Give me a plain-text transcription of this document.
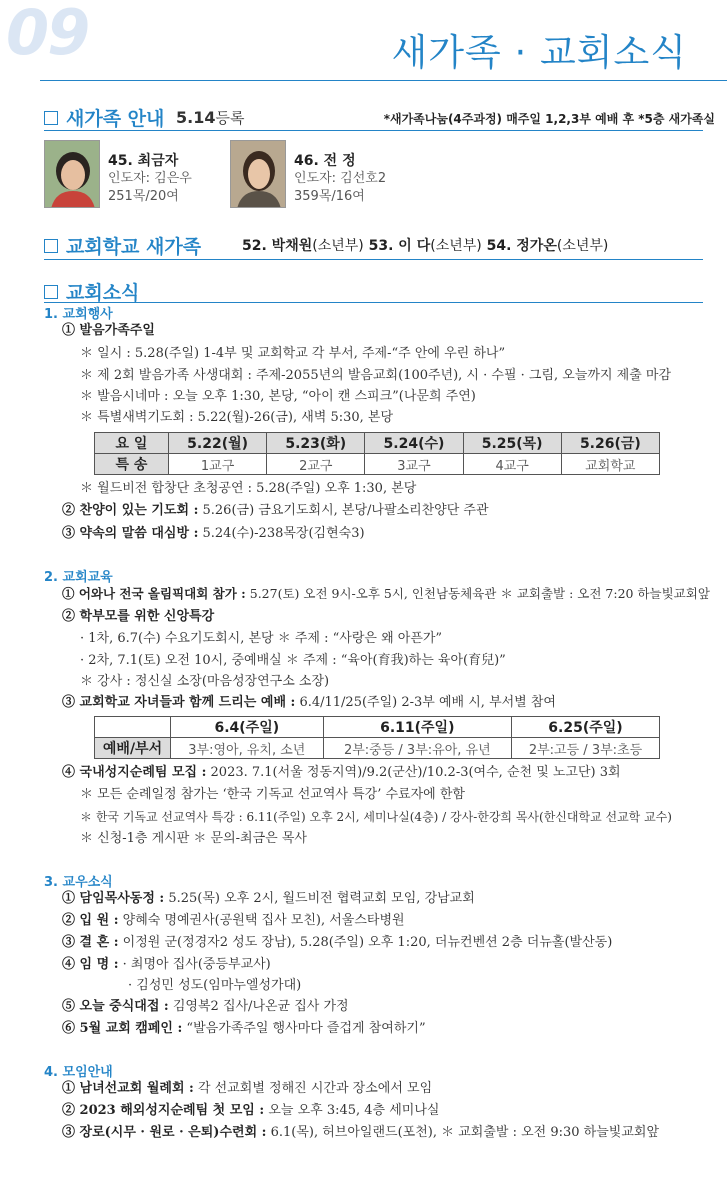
09	새가족 · 교회소식
새가족 안내 5.14등록	*새가족나눔(4주과정) 매주일 1,2,3부 예배 후 *5층 새가족실
45. 최금자
인도자: 김은우
251목/20여
46. 전 정
인도자: 김선호2
359목/16여
교회학교 새가족	52. 박채원(소년부) 53. 이 다(소년부) 54. 정가온(소년부)
교회소식
1. 교회행사
① 발음가족주일
＊ 일시 : 5.28(주일) 1-4부 및 교회학교 각 부서, 주제-“주 안에 우린 하나”
＊ 제 2회 발음가족 사생대회 : 주제-2055년의 발음교회(100주년), 시 · 수필 · 그림, 오늘까지 제출 마감
＊ 발음시네마 : 오늘 오후 1:30, 본당, “아이 캔 스피크”(나문희 주연)
＊ 특별새벽기도회 : 5.22(월)-26(금), 새벽 5:30, 본당
요 일	5.22(월)	5.23(화)	5.24(수)	5.25(목)	5.26(금)
특 송	1교구	2교구	3교구	4교구	교회학교
＊ 월드비전 합창단 초청공연 : 5.28(주일) 오후 1:30, 본당
② 찬양이 있는 기도회 : 5.26(금) 금요기도회시, 본당/나팔소리찬양단 주관
③ 약속의 말씀 대심방 : 5.24(수)-238목장(김현숙3)
2. 교회교육
① 어와나 전국 올림픽대회 참가 : 5.27(토) 오전 9시-오후 5시, 인천남동체육관 ＊ 교회출발 : 오전 7:20 하늘빛교회앞
② 학부모를 위한 신앙특강
· 1차, 6.7(수) 수요기도회시, 본당 ＊ 주제 : “사랑은 왜 아픈가”
· 2차, 7.1(토) 오전 10시, 중예배실 ＊ 주제 : “육아(育我)하는 육아(育兒)”
＊ 강사 : 정신실 소장(마음성장연구소 소장)
③ 교회학교 자녀들과 함께 드리는 예배 : 6.4/11/25(주일) 2-3부 예배 시, 부서별 참여
	6.4(주일)	6.11(주일)	6.25(주일)
예배/부서	3부:영아, 유치, 소년	2부:중등 / 3부:유아, 유년	2부:고등 / 3부:초등
④ 국내성지순례팀 모집 : 2023. 7.1(서울 정동지역)/9.2(군산)/10.2-3(여수, 순천 및 노고단) 3회
＊ 모든 순례일정 참가는 ‘한국 기독교 선교역사 특강’ 수료자에 한함
＊ 한국 기독교 선교역사 특강 : 6.11(주일) 오후 2시, 세미나실(4층) / 강사-한강희 목사(한신대학교 선교학 교수)
＊ 신청-1층 게시판 ＊ 문의-최금은 목사
3. 교우소식
① 담임목사동정 : 5.25(목) 오후 2시, 월드비전 협력교회 모임, 강남교회
② 입 원 : 양혜숙 명예권사(공원택 집사 모친), 서울스타병원
③ 결 혼 : 이정원 군(정경자2 성도 장남), 5.28(주일) 오후 1:20, 더뉴컨벤션 2층 더뉴홀(발산동)
④ 임 명 : · 최명아 집사(중등부교사)
· 김성민 성도(임마누엘성가대)
⑤ 오늘 중식대접 : 김영복2 집사/나온균 집사 가정
⑥ 5월 교회 캠페인 : “발음가족주일 행사마다 즐겁게 참여하기”
4. 모임안내
① 남녀선교회 월례회 : 각 선교회별 정해진 시간과 장소에서 모임
② 2023 해외성지순례팀 첫 모임 : 오늘 오후 3:45, 4층 세미나실
③ 장로(시무 · 원로 · 은퇴)수련회 : 6.1(목), 허브아일랜드(포천), ＊ 교회출발 : 오전 9:30 하늘빛교회앞
